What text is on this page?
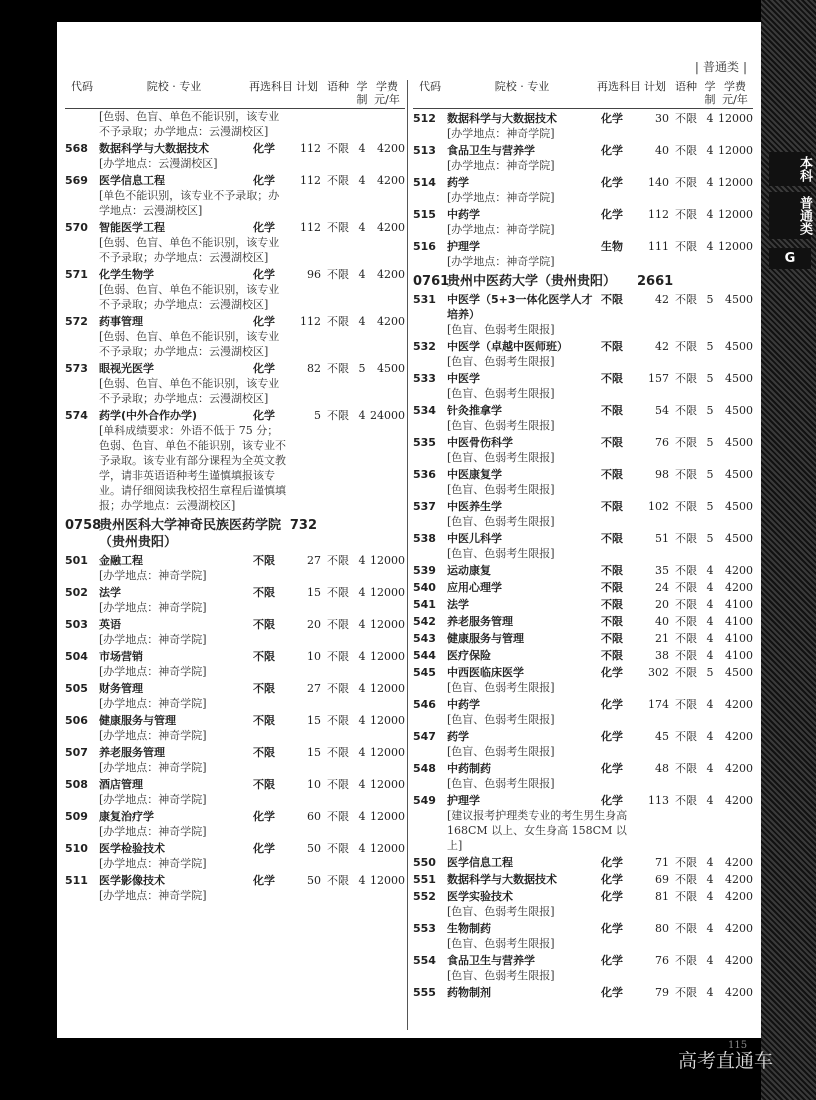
| 普通类 |
代码	院校 · 专业	再选科目 计划 语种 学制
学费元/年
[色弱、色盲、单色不能识别，该专业不予录取；办学地点：云漫湖校区]
568	数据科学与大数据技术	化学	112 不限 4	4200
[办学地点：云漫湖校区]
569	医学信息工程	化学	112 不限 4	4200
[单色不能识别，该专业不予录取；办学地点：云漫湖校区]
570	智能医学工程	化学	112 不限 4	4200
[色弱、色盲、单色不能识别，该专业不予录取；办学地点：云漫湖校区]
571	化学生物学	化学	96 不限 4	4200
[色弱、色盲、单色不能识别，该专业不予录取；办学地点：云漫湖校区]
572	药事管理	化学	112 不限 4	4200
[色弱、色盲、单色不能识别，该专业不予录取；办学地点：云漫湖校区]
573	眼视光医学	化学	82 不限 5	4500
[色弱、色盲、单色不能识别，该专业不予录取；办学地点：云漫湖校区]
574	药学(中外合作办学)	化学	5 不限 4 24000
[单科成绩要求：外语不低于 75 分；色弱、色盲、单色不能识别，该专业不予录取。该专业有部分课程为全英文教学，请非英语语种考生谨慎填报该专业。请仔细阅读我校招生章程后谨慎填报；办学地点：云漫湖校区]
0758
贵州医科大学神奇民族医药学院（贵州贵阳）
732
501	金融工程	不限	27 不限 4 12000
[办学地点：神奇学院]
502	法学	不限	15 不限 4 12000
[办学地点：神奇学院]
503	英语	不限	20 不限 4 12000
[办学地点：神奇学院]
504	市场营销	不限	10 不限 4 12000
[办学地点：神奇学院]
505	财务管理	不限	27 不限 4 12000
[办学地点：神奇学院]
506	健康服务与管理	不限	15 不限 4 12000
[办学地点：神奇学院]
507	养老服务管理	不限	15 不限 4 12000
[办学地点：神奇学院]
508	酒店管理	不限	10 不限 4 12000
[办学地点：神奇学院]
509	康复治疗学	化学	60 不限 4 12000
[办学地点：神奇学院]
510	医学检验技术	化学	50 不限 4 12000
[办学地点：神奇学院]
511	医学影像技术	化学	50 不限 4 12000
[办学地点：神奇学院]
代码	院校 · 专业	再选科目 计划 语种 学制
学费元/年
512	数据科学与大数据技术	化学	30 不限 4 12000
[办学地点：神奇学院]
513	食品卫生与营养学	化学	40 不限 4 12000
[办学地点：神奇学院]
514	药学	化学	140 不限 4 12000
[办学地点：神奇学院]
515	中药学	化学	112 不限 4 12000
[办学地点：神奇学院]
516	护理学	生物	111 不限 4 12000
[办学地点：神奇学院]
0761
贵州中医药大学（贵州贵阳）	2661
531	中医学（5+3一体化医学人才培养）
不限	42 不限 5	4500
[色盲、色弱考生限报]
532	中医学（卓越中医师班）	不限	42 不限 5	4500
[色盲、色弱考生限报]
533	中医学	不限	157 不限 5	4500
[色盲、色弱考生限报]
534	针灸推拿学	不限	54 不限 5	4500
[色盲、色弱考生限报]
535	中医骨伤科学	不限	76 不限 5	4500
[色盲、色弱考生限报]
536	中医康复学	不限	98 不限 5	4500
[色盲、色弱考生限报]
537	中医养生学	不限	102 不限 5	4500
[色盲、色弱考生限报]
538	中医儿科学	不限	51 不限 5	4500
[色盲、色弱考生限报]
539	运动康复	不限	35 不限 4	4200
540	应用心理学	不限	24 不限 4	4200
541	法学	不限	20 不限 4	4100
542	养老服务管理	不限	40 不限 4	4100
543	健康服务与管理	不限	21 不限 4	4100
544	医疗保险	不限	38 不限 4	4100
545	中西医临床医学	化学	302 不限 5	4500
[色盲、色弱考生限报]
546	中药学	化学	174 不限 4	4200
[色盲、色弱考生限报]
547	药学	化学	45 不限 4	4200
[色盲、色弱考生限报]
548	中药制药	化学	48 不限 4	4200
[色盲、色弱考生限报]
549	护理学	化学	113 不限 4	4200
[建议报考护理类专业的考生男生身高 168CM 以上、女生身高 158CM 以上]
550	医学信息工程	化学	71 不限 4	4200
551	数据科学与大数据技术	化学	69 不限 4	4200
552	医学实验技术	化学	81 不限 4	4200
[色盲、色弱考生限报]
553	生物制药	化学	80 不限 4	4200
[色盲、色弱考生限报]
554	食品卫生与营养学	化学	76 不限 4	4200
[色盲、色弱考生限报]
555	药物制剂	化学	79 不限 4	4200
本科
普通类
G
115
高考直通车
